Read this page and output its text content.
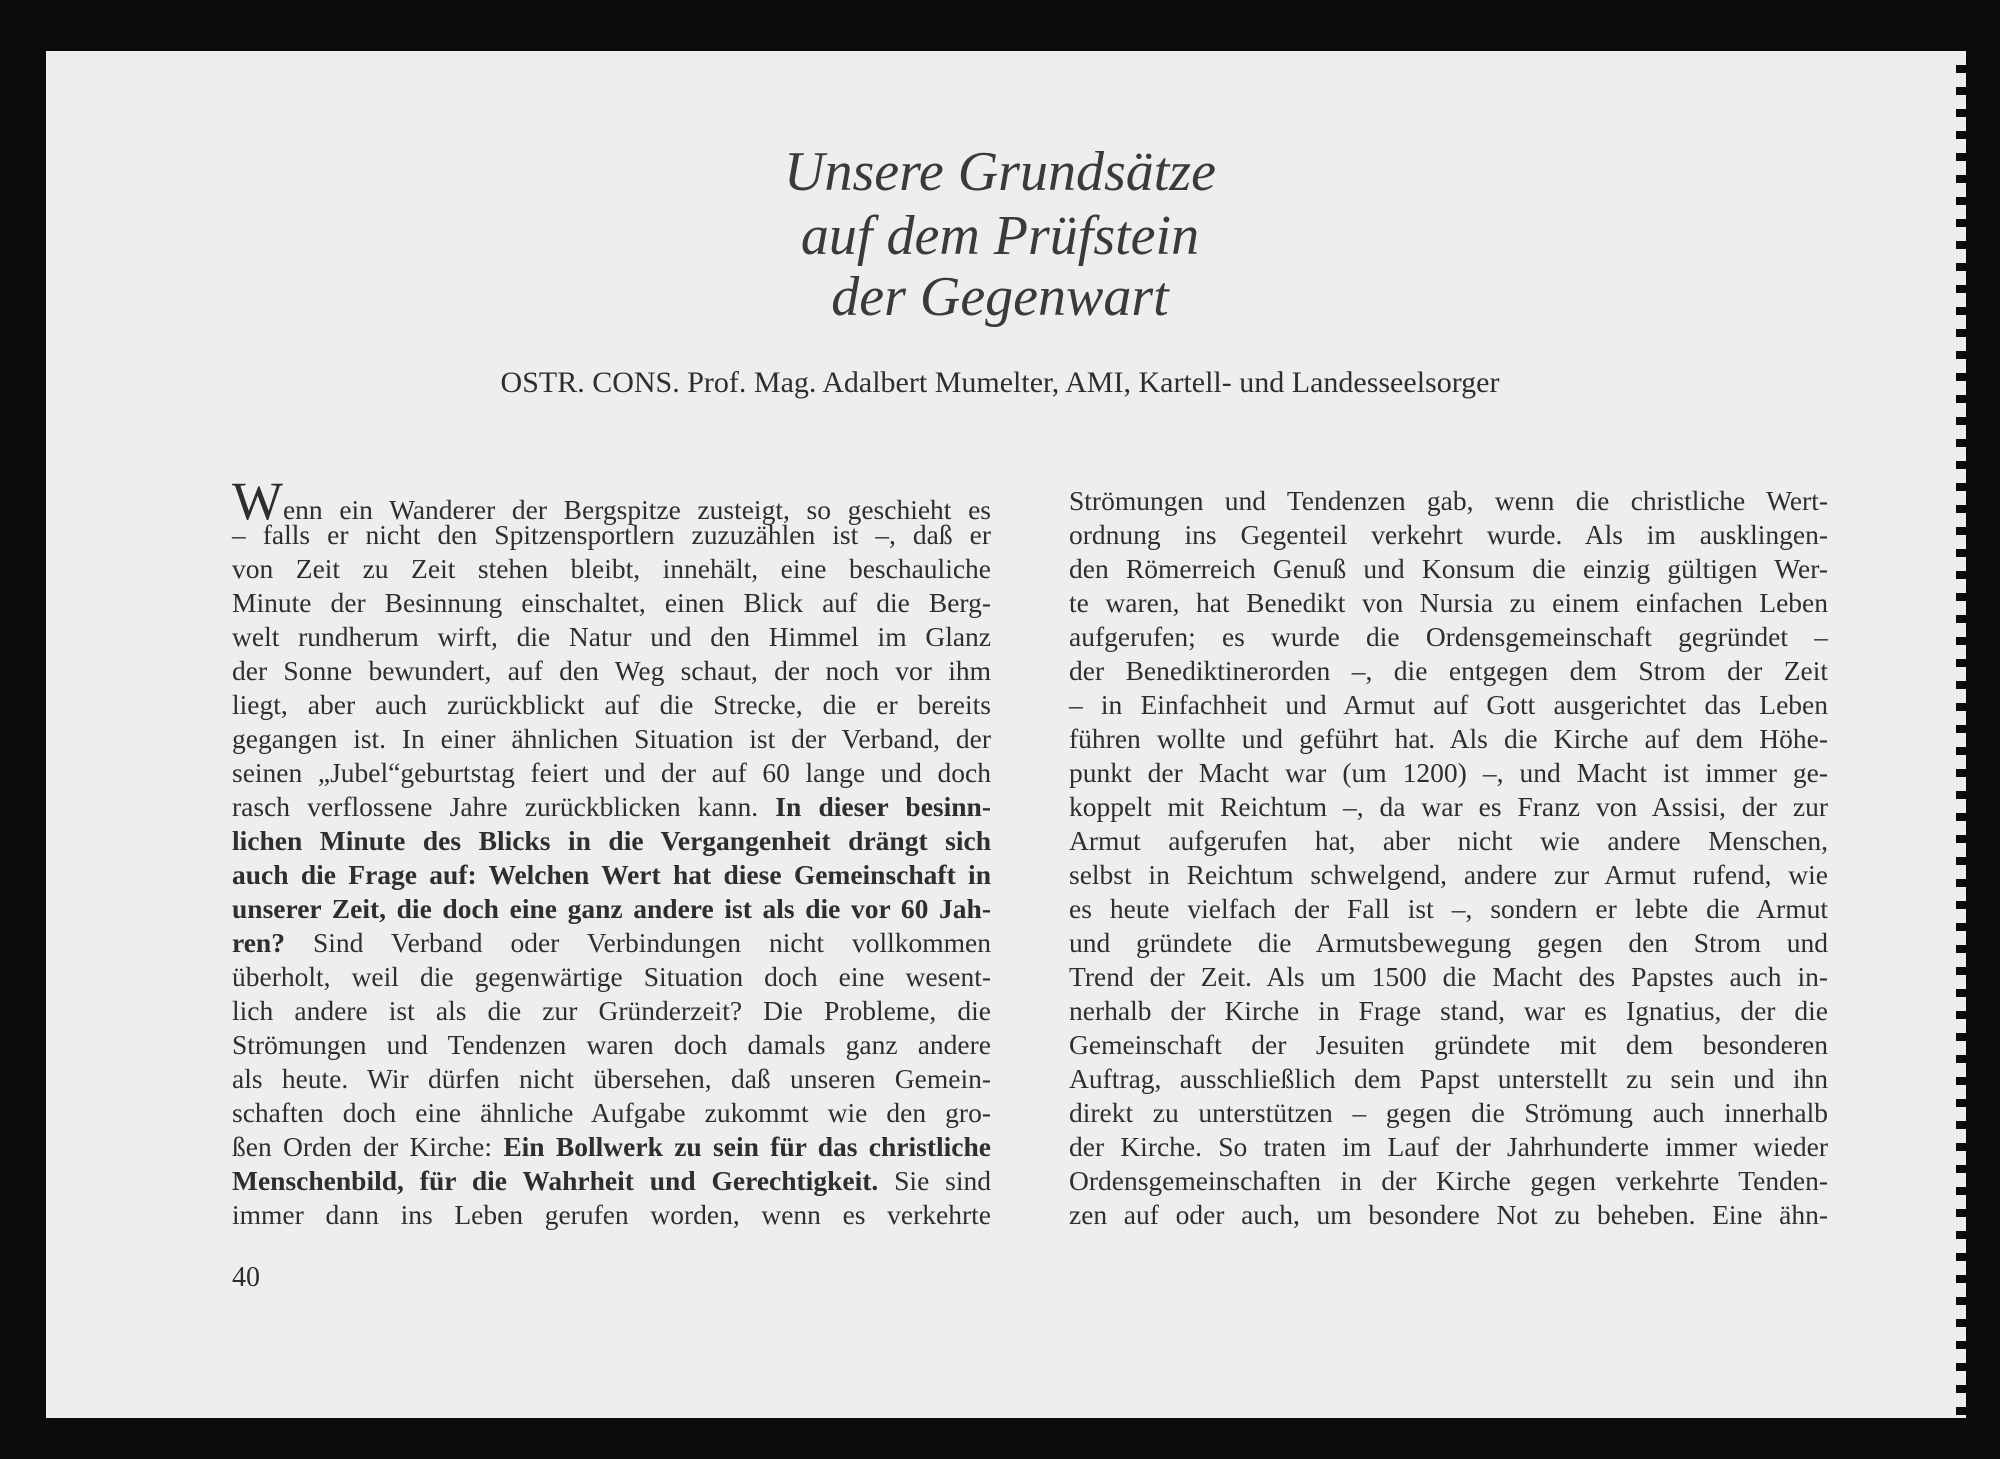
Unsere Grundsätze
auf dem Prüfstein
der Gegenwart
OSTR. CONS. Prof. Mag. Adalbert Mumelter, AMI, Kartell- und Landesseelsorger
Wenn ein Wanderer der Bergspitze zusteigt, so geschieht es
– falls er nicht den Spitzensportlern zuzuzählen ist –, daß er
von Zeit zu Zeit stehen bleibt, innehält, eine beschauliche
Minute der Besinnung einschaltet, einen Blick auf die Berg-
welt rundherum wirft, die Natur und den Himmel im Glanz
der Sonne bewundert, auf den Weg schaut, der noch vor ihm
liegt, aber auch zurückblickt auf die Strecke, die er bereits
gegangen ist. In einer ähnlichen Situation ist der Verband, der
seinen „Jubel“geburtstag feiert und der auf 60 lange und doch
rasch verflossene Jahre zurückblicken kann. In dieser besinn-
lichen Minute des Blicks in die Vergangenheit drängt sich
auch die Frage auf: Welchen Wert hat diese Gemeinschaft in
unserer Zeit, die doch eine ganz andere ist als die vor 60 Jah-
ren? Sind Verband oder Verbindungen nicht vollkommen
überholt, weil die gegenwärtige Situation doch eine wesent-
lich andere ist als die zur Gründerzeit? Die Probleme, die
Strömungen und Tendenzen waren doch damals ganz andere
als heute. Wir dürfen nicht übersehen, daß unseren Gemein-
schaften doch eine ähnliche Aufgabe zukommt wie den gro-
ßen Orden der Kirche: Ein Bollwerk zu sein für das christliche
Menschenbild, für die Wahrheit und Gerechtigkeit. Sie sind
immer dann ins Leben gerufen worden, wenn es verkehrte
Strömungen und Tendenzen gab, wenn die christliche Wert-
ordnung ins Gegenteil verkehrt wurde. Als im ausklingen-
den Römerreich Genuß und Konsum die einzig gültigen Wer-
te waren, hat Benedikt von Nursia zu einem einfachen Leben
aufgerufen; es wurde die Ordensgemeinschaft gegründet –
der Benediktinerorden –, die entgegen dem Strom der Zeit
– in Einfachheit und Armut auf Gott ausgerichtet das Leben
führen wollte und geführt hat. Als die Kirche auf dem Höhe-
punkt der Macht war (um 1200) –, und Macht ist immer ge-
koppelt mit Reichtum –, da war es Franz von Assisi, der zur
Armut aufgerufen hat, aber nicht wie andere Menschen,
selbst in Reichtum schwelgend, andere zur Armut rufend, wie
es heute vielfach der Fall ist –, sondern er lebte die Armut
und gründete die Armutsbewegung gegen den Strom und
Trend der Zeit. Als um 1500 die Macht des Papstes auch in-
nerhalb der Kirche in Frage stand, war es Ignatius, der die
Gemeinschaft der Jesuiten gründete mit dem besonderen
Auftrag, ausschließlich dem Papst unterstellt zu sein und ihn
direkt zu unterstützen – gegen die Strömung auch innerhalb
der Kirche. So traten im Lauf der Jahrhunderte immer wieder
Ordensgemeinschaften in der Kirche gegen verkehrte Tenden-
zen auf oder auch, um besondere Not zu beheben. Eine ähn-
40
